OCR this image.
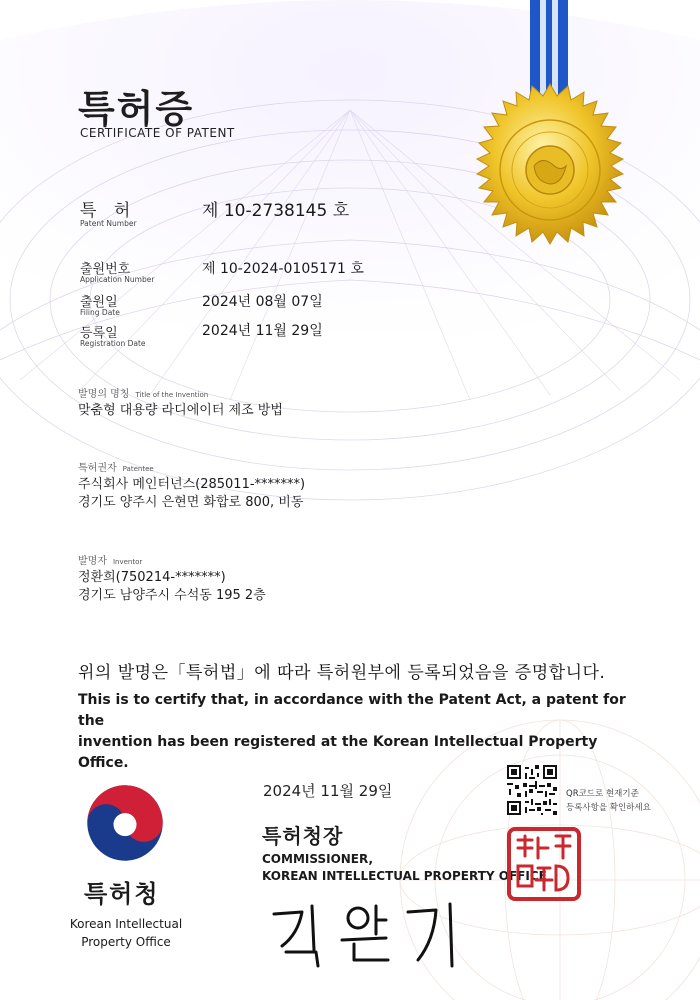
특허증
CERTIFICATE OF PATENT
특 허
Patent Number
제 10-2738145 호
출원번호
Application Number
제 10-2024-0105171 호
출원일
Filing Date
2024년 08월 07일
등록일
Registration Date
2024년 11월 29일
발명의 명칭 Title of the Invention
맞춤형 대용량 라디에이터 제조 방법
특허권자 Patentee
주식회사 메인터넌스(285011-*******)
경기도 양주시 은현면 화합로 800, 비동
발명자 Inventor
정환희(750214-*******)
경기도 남양주시 수석동 195 2층
위의 발명은「특허법」에 따라 특허원부에 등록되었음을 증명합니다.
This is to certify that, in accordance with the Patent Act, a patent for the
invention has been registered at the Korean Intellectual Property Office.
특허청
Korean Intellectual
Property Office
2024년 11월 29일
특허청장
COMMISSIONER,
KOREAN INTELLECTUAL PROPERTY OFFICE
QR코드로 현재기준
등록사항을 확인하세요
